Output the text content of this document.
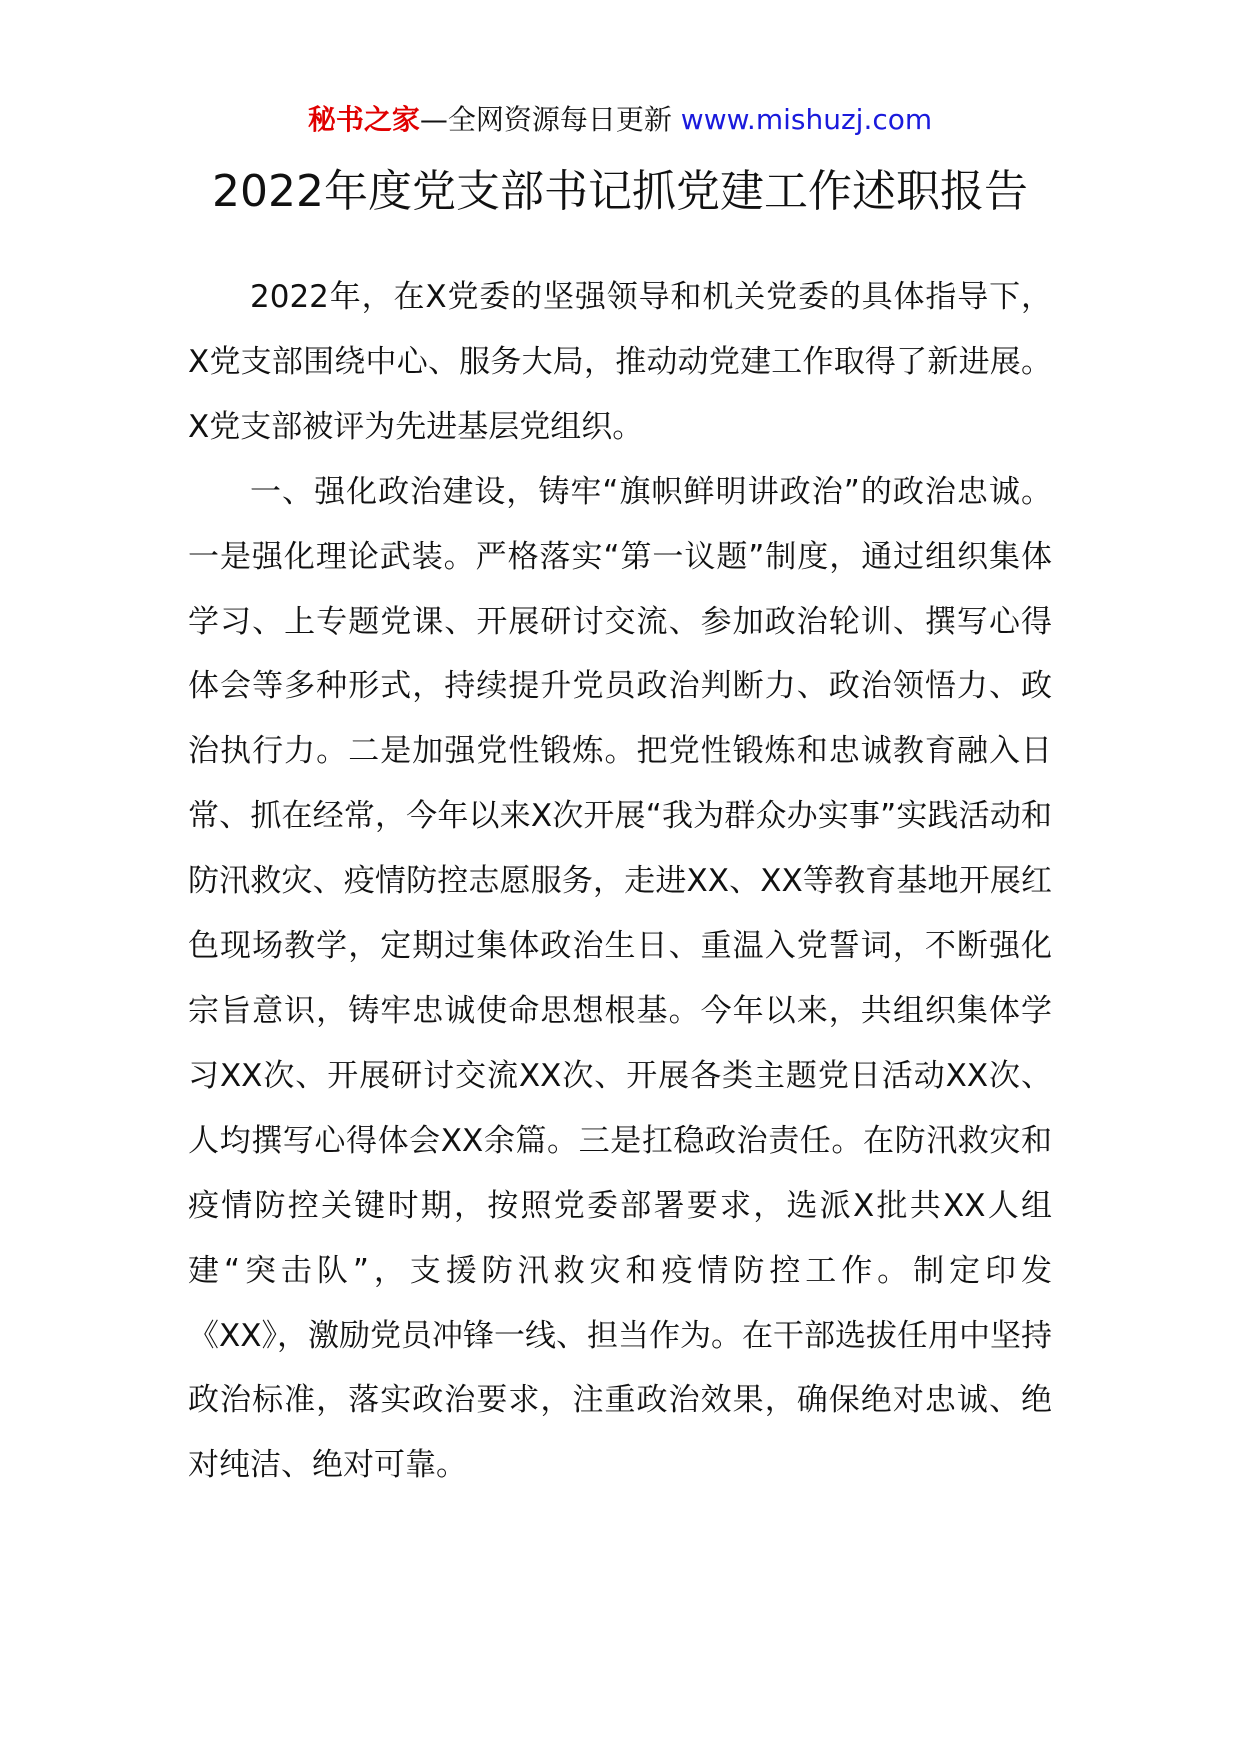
秘书之家—全网资源每日更新 www.mishuzj.com
2022年度党支部书记抓党建工作述职报告

2022年，在X党委的坚强领导和机关党委的具体指导下，X党支部围绕中心、服务大局，推动动党建工作取得了新进展。X党支部被评为先进基层党组织。

一、强化政治建设，铸牢“旗帜鲜明讲政治”的政治忠诚。一是强化理论武装。严格落实“第一议题”制度，通过组织集体学习、上专题党课、开展研讨交流、参加政治轮训、撰写心得体会等多种形式，持续提升党员政治判断力、政治领悟力、政治执行力。二是加强党性锻炼。把党性锻炼和忠诚教育融入日常、抓在经常，今年以来X次开展“我为群众办实事”实践活动和防汛救灾、疫情防控志愿服务，走进XX、XX等教育基地开展红色现场教学，定期过集体政治生日、重温入党誓词，不断强化宗旨意识，铸牢忠诚使命思想根基。今年以来，共组织集体学习XX次、开展研讨交流XX次、开展各类主题党日活动XX次、人均撰写心得体会XX余篇。三是扛稳政治责任。在防汛救灾和疫情防控关键时期，按照党委部署要求，选派X批共XX人组建“突击队”，支援防汛救灾和疫情防控工作。制定印发《XX》，激励党员冲锋一线、担当作为。在干部选拔任用中坚持政治标准，落实政治要求，注重政治效果，确保绝对忠诚、绝对纯洁、绝对可靠。
